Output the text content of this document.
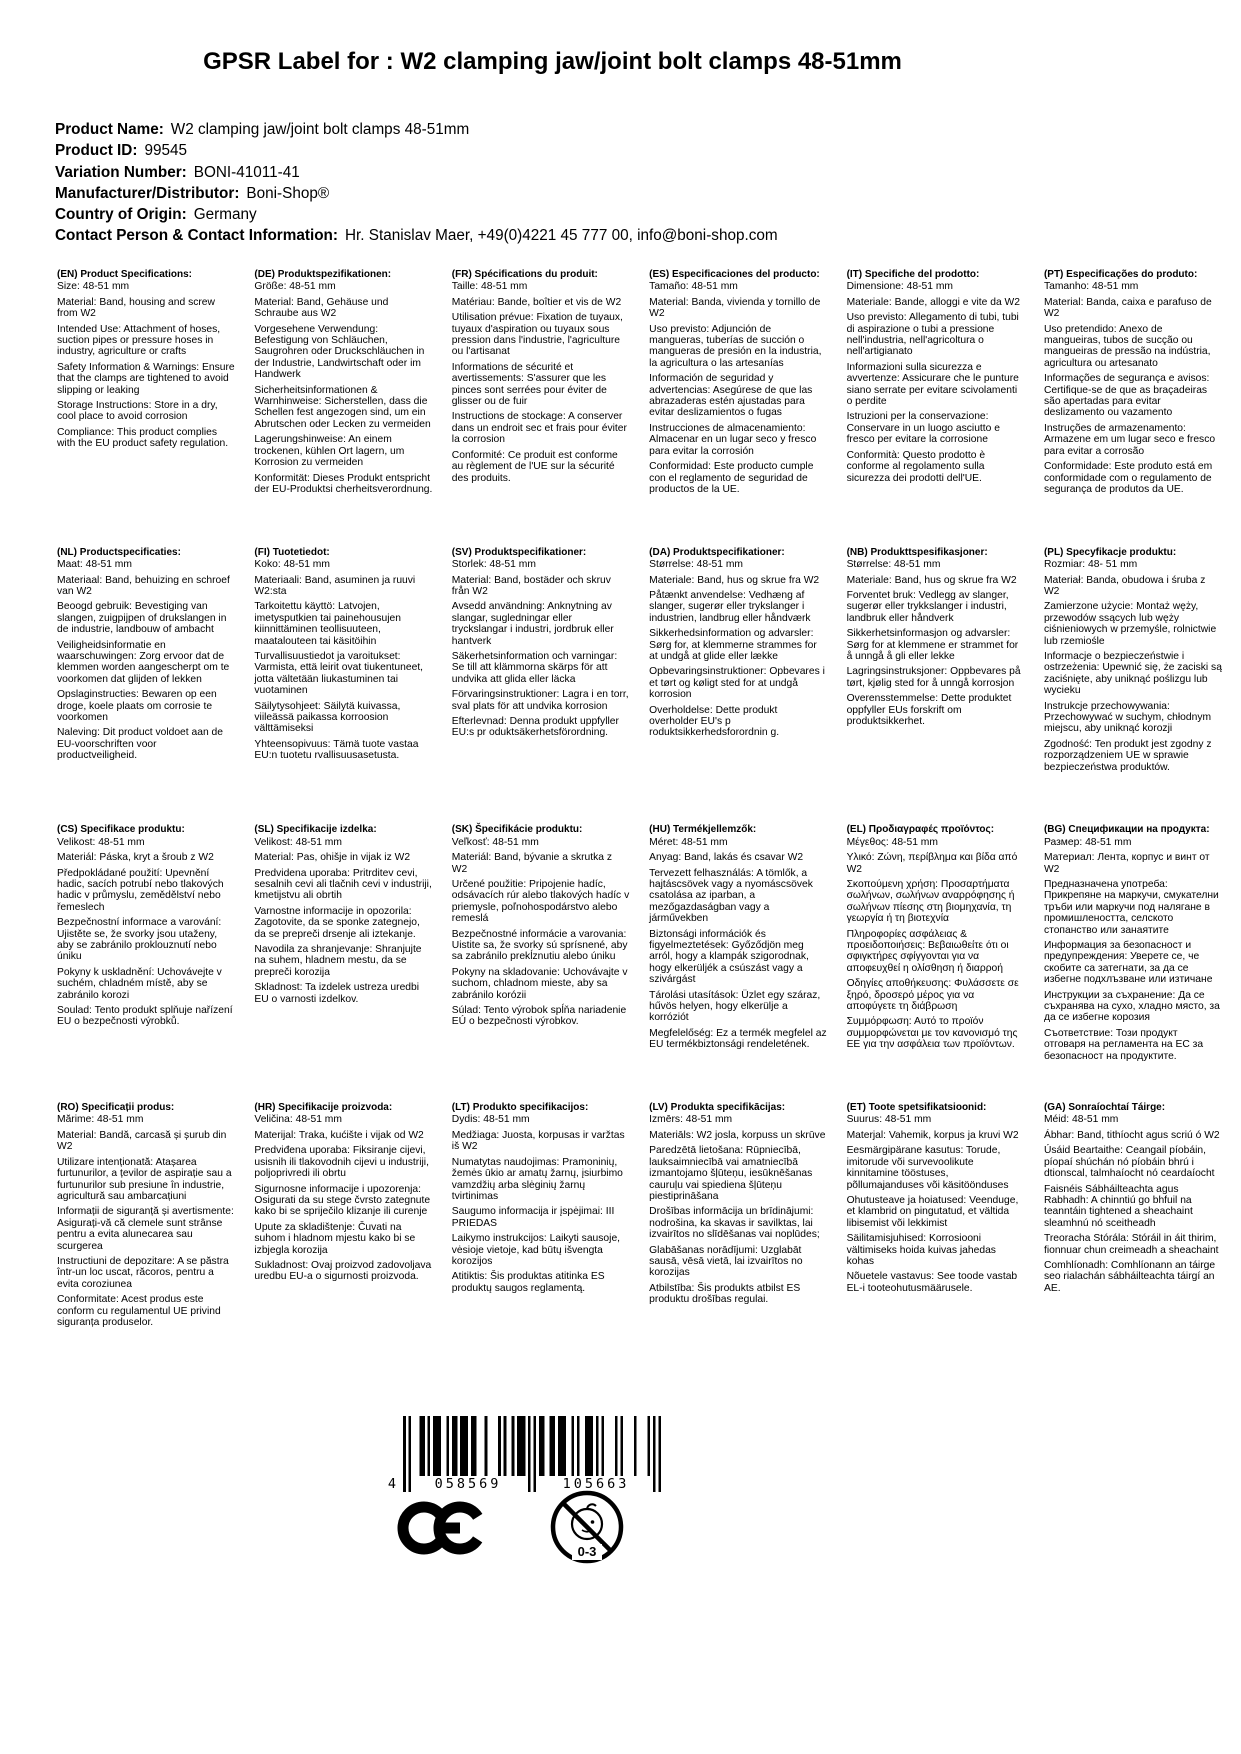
GPSR Label for : W2 clamping jaw/joint bolt clamps 48-51mm
Product Name: W2 clamping jaw/joint bolt clamps 48-51mm
Product ID: 99545
Variation Number: BONI-41011-41
Manufacturer/Distributor: Boni-Shop®
Country of Origin: Germany
Contact Person & Contact Information: Hr. Stanislav Maer, +49(0)4221 45 777 00, info@boni-shop.com
(EN) Product Specifications:

Size: 48-51 mm

Material: Band, housing and screw from W2

Intended Use: Attachment of hoses, suction pipes or pressure hoses in industry, agriculture or crafts

Safety Information & Warnings: Ensure that the clamps are tightened to avoid slipping or leaking

Storage Instructions: Store in a dry, cool place to avoid corrosion

Compliance: This product complies with the EU product safety regulation.

(DE) Produktspezifikationen:

Größe: 48-51 mm

Material: Band, Gehäuse und Schraube aus W2

Vorgesehene Verwendung: Befestigung von Schläuchen, Saugrohren oder Druckschläuchen in der Industrie, Landwirtschaft oder im Handwerk

Sicherheitsinformationen & Warnhinweise: Sicherstellen, dass die Schellen fest angezogen sind, um ein Abrutschen oder Lecken zu vermeiden

Lagerungshinweise: An einem trockenen, kühlen Ort lagern, um Korrosion zu vermeiden

Konformität: Dieses Produkt entspricht der EU-Produktsi cherheitsverordnung.

(FR) Spécifications du produit:

Taille: 48-51 mm

Matériau: Bande, boîtier et vis de W2

Utilisation prévue: Fixation de tuyaux, tuyaux d'aspiration ou tuyaux sous pression dans l'industrie, l'agriculture ou l'artisanat

Informations de sécurité et avertissements: S'assurer que les pinces sont serrées pour éviter de glisser ou de fuir

Instructions de stockage: A conserver dans un endroit sec et frais pour éviter la corrosion

Conformité: Ce produit est conforme au règlement de l'UE sur la sécurité des produits.

(ES) Especificaciones del producto:

Tamaño: 48-51 mm

Material: Banda, vivienda y tornillo de W2

Uso previsto: Adjunción de mangueras, tuberías de succión o mangueras de presión en la industria, la agricultura o las artesanías

Información de seguridad y advertencias: Asegúrese de que las abrazaderas estén ajustadas para evitar deslizamientos o fugas

Instrucciones de almacenamiento: Almacenar en un lugar seco y fresco para evitar la corrosión

Conformidad: Este producto cumple con el reglamento de seguridad de productos de la UE.

(IT) Specifiche del prodotto:

Dimensione: 48-51 mm

Materiale: Bande, alloggi e vite da W2

Uso previsto: Allegamento di tubi, tubi di aspirazione o tubi a pressione nell'industria, nell'agricoltura o nell'artigianato

Informazioni sulla sicurezza e avvertenze: Assicurare che le punture siano serrate per evitare scivolamenti o perdite

Istruzioni per la conservazione: Conservare in un luogo asciutto e fresco per evitare la corrosione

Conformità: Questo prodotto è conforme al regolamento sulla sicurezza dei prodotti dell'UE.

(PT) Especificações do produto:

Tamanho: 48-51 mm

Material: Banda, caixa e parafuso de W2

Uso pretendido: Anexo de mangueiras, tubos de sucção ou mangueiras de pressão na indústria, agricultura ou artesanato

Informações de segurança e avisos: Certifique-se de que as braçadeiras são apertadas para evitar deslizamento ou vazamento

Instruções de armazenamento: Armazene em um lugar seco e fresco para evitar a corrosão

Conformidade: Este produto está em conformidade com o regulamento de segurança de produtos da UE.

(NL) Productspecificaties:

Maat: 48-51 mm

Materiaal: Band, behuizing en schroef van W2

Beoogd gebruik: Bevestiging van slangen, zuigpijpen of drukslangen in de industrie, landbouw of ambacht

Veiligheidsinformatie en waarschuwingen: Zorg ervoor dat de klemmen worden aangescherpt om te voorkomen dat glijden of lekken

Opslaginstructies: Bewaren op een droge, koele plaats om corrosie te voorkomen

Naleving: Dit product voldoet aan de EU-voorschriften voor productveiligheid.

(FI) Tuotetiedot:

Koko: 48-51 mm

Materiaali: Band, asuminen ja ruuvi W2:sta

Tarkoitettu käyttö: Latvojen, imetysputkien tai painehousujen kiinnittäminen teollisuuteen, maatalouteen tai käsitöihin

Turvallisuustiedot ja varoitukset: Varmista, että leirit ovat tiukentuneet, jotta vältetään liukastuminen tai vuotaminen

Säilytysohjeet: Säilytä kuivassa, viileässä paikassa korroosion välttämiseksi

Yhteensopivuus: Tämä tuote vastaa EU:n tuotetu rvallisuusasetusta.

(SV) Produktspecifikationer:

Storlek: 48-51 mm

Material: Band, bostäder och skruv från W2

Avsedd användning: Anknytning av slangar, sugledningar eller tryckslangar i industri, jordbruk eller hantverk

Säkerhetsinformation och varningar: Se till att klämmorna skärps för att undvika att glida eller läcka

Förvaringsinstruktioner: Lagra i en torr, sval plats för att undvika korrosion

Efterlevnad: Denna produkt uppfyller EU:s pr oduktsäkerhetsförordning.

(DA) Produktspecifikationer:

Størrelse: 48-51 mm

Materiale: Band, hus og skrue fra W2

Påtænkt anvendelse: Vedhæng af slanger, sugerør eller trykslanger i industrien, landbrug eller håndværk

Sikkerhedsinformation og advarsler: Sørg for, at klemmerne strammes for at undgå at glide eller lække

Opbevaringsinstruktioner: Opbevares i et tørt og køligt sted for at undgå korrosion

Overholdelse: Dette produkt overholder EU's p roduktsikkerhedsforordnin g.

(NB) Produkttspesifikasjoner:

Størrelse: 48-51 mm

Materiale: Band, hus og skrue fra W2

Forventet bruk: Vedlegg av slanger, sugerør eller trykkslanger i industri, landbruk eller håndverk

Sikkerhetsinformasjon og advarsler: Sørg for at klemmene er strammet for å unngå å gli eller lekke

Lagringsinstruksjoner: Oppbevares på tørt, kjølig sted for å unngå korrosjon

Overensstemmelse: Dette produktet oppfyller EUs forskrift om produktsikkerhet.

(PL) Specyfikacje produktu:

Rozmiar: 48- 51 mm

Materiał: Banda, obudowa i śruba z W2

Zamierzone użycie: Montaż węży, przewodów ssących lub węży ciśnieniowych w przemyśle, rolnictwie lub rzemiośle

Informacje o bezpieczeństwie i ostrzeżenia: Upewnić się, że zaciski są zaciśnięte, aby uniknąć poślizgu lub wycieku

Instrukcje przechowywania: Przechowywać w suchym, chłodnym miejscu, aby uniknąć korozji

Zgodność: Ten produkt jest zgodny z rozporządzeniem UE w sprawie bezpieczeństwa produktów.

(CS) Specifikace produktu:

Velikost: 48-51 mm

Materiál: Páska, kryt a šroub z W2

Předpokládané použití: Upevnění hadic, sacích potrubí nebo tlakových hadic v průmyslu, zemědělství nebo řemeslech

Bezpečnostní informace a varování: Ujistěte se, že svorky jsou utaženy, aby se zabránilo proklouznutí nebo úniku

Pokyny k uskladnění: Uchovávejte v suchém, chladném místě, aby se zabránilo korozi

Soulad: Tento produkt splňuje nařízení EU o bezpečnosti výrobků.

(SL) Specifikacije izdelka:

Velikost: 48-51 mm

Material: Pas, ohišje in vijak iz W2

Predvidena uporaba: Pritrditev cevi, sesalnih cevi ali tlačnih cevi v industriji, kmetijstvu ali obrtih

Varnostne informacije in opozorila: Zagotovite, da se sponke zategnejo, da se prepreči drsenje ali iztekanje.

Navodila za shranjevanje: Shranjujte na suhem, hladnem mestu, da se prepreči korozija

Skladnost: Ta izdelek ustreza uredbi EU o varnosti izdelkov.

(SK) Špecifikácie produktu:

Veľkosť: 48-51 mm

Materiál: Band, bývanie a skrutka z W2

Určené použitie: Pripojenie hadíc, odsávacích rúr alebo tlakových hadíc v priemysle, poľnohospodárstvo alebo remeslá

Bezpečnostné informácie a varovania: Uistite sa, že svorky sú sprísnené, aby sa zabránilo prekĺznutiu alebo úniku

Pokyny na skladovanie: Uchovávajte v suchom, chladnom mieste, aby sa zabránilo korózii

Súlad: Tento výrobok spĺňa nariadenie EÚ o bezpečnosti výrobkov.

(HU) Termékjellemzők:

Méret: 48-51 mm

Anyag: Band, lakás és csavar W2

Tervezett felhasználás: A tömlők, a hajtáscsövek vagy a nyomáscsövek csatolása az iparban, a mezőgazdaságban vagy a járművekben

Biztonsági információk és figyelmeztetések: Győződjön meg arról, hogy a klampák szigorodnak, hogy elkerüljék a csúszást vagy a szivárgást

Tárolási utasítások: Üzlet egy száraz, hűvös helyen, hogy elkerülje a korróziót

Megfelelőség: Ez a termék megfelel az EU termékbiztonsági rendeletének.

(EL) Προδιαγραφές προϊόντος:

Μέγεθος: 48-51 mm

Υλικό: Ζώνη, περίβλημα και βίδα από W2

Σκοπούμενη χρήση: Προσαρτήματα σωλήνων, σωλήνων αναρρόφησης ή σωλήνων πίεσης στη βιομηχανία, τη γεωργία ή τη βιοτεχνία

Πληροφορίες ασφάλειας & προειδοποιήσεις: Βεβαιωθείτε ότι οι σφιγκτήρες σφίγγονται για να αποφευχθεί η ολίσθηση ή διαρροή

Οδηγίες αποθήκευσης: Φυλάσσετε σε ξηρό, δροσερό μέρος για να αποφύγετε τη διάβρωση

Συμμόρφωση: Αυτό το προϊόν συμμορφώνεται με τον κανονισμό της ΕΕ για την ασφάλεια των προϊόντων.

(BG) Спецификации на продукта:

Размер: 48-51 mm

Материал: Лента, корпус и винт от W2

Предназначена употреба: Прикрепяне на маркучи, смукателни тръби или маркучи под налягане в промишлеността, селското стопанство или занаятите

Информация за безопасност и предупреждения: Уверете се, че скобите са затегнати, за да се избегне подхлъзване или изтичане

Инструкции за съхранение: Да се съхранява на сухо, хладно място, за да се избегне корозия

Съответствие: Този продукт отговаря на регламента на ЕС за безопасност на продуктите.

(RO) Specificații produs:

Mărime: 48-51 mm

Material: Bandă, carcasă și șurub din W2

Utilizare intenționată: Atașarea furtunurilor, a țevilor de aspirație sau a furtunurilor sub presiune în industrie, agricultură sau ambarcațiuni

Informații de siguranță și avertismente: Asigurați-vă că clemele sunt strânse pentru a evita alunecarea sau scurgerea

Instructiuni de depozitare: A se păstra într-un loc uscat, răcoros, pentru a evita coroziunea

Conformitate: Acest produs este conform cu regulamentul UE privind siguranța produselor.

(HR) Specifikacije proizvoda:

Veličina: 48-51 mm

Materijal: Traka, kućište i vijak od W2

Predviđena uporaba: Fiksiranje cijevi, usisnih ili tlakovodnih cijevi u industriji, poljoprivredi ili obrtu

Sigurnosne informacije i upozorenja: Osigurati da su stege čvrsto zategnute kako bi se spriječilo klizanje ili curenje

Upute za skladištenje: Čuvati na suhom i hladnom mjestu kako bi se izbjegla korozija

Sukladnost: Ovaj proizvod zadovoljava uredbu EU-a o sigurnosti proizvoda.

(LT) Produkto specifikacijos:

Dydis: 48-51 mm

Medžiaga: Juosta, korpusas ir varžtas iš W2

Numatytas naudojimas: Pramoninių, žemės ūkio ar amatų žarnų, įsiurbimo vamzdžių arba slėginių žarnų tvirtinimas

Saugumo informacija ir įspėjimai: III PRIEDAS

Laikymo instrukcijos: Laikyti sausoje, vėsioje vietoje, kad būtų išvengta korozijos

Atitiktis: Šis produktas atitinka ES produktų saugos reglamentą.

(LV) Produkta specifikācijas:

Izmērs: 48-51 mm

Materiāls: W2 josla, korpuss un skrūve

Paredzētā lietošana: Rūpniecībā, lauksaimniecībā vai amatniecībā izmantojamo šļūteņu, iesūknēšanas cauruļu vai spiediena šļūteņu piestiprināšana

Drošības informācija un brīdinājumi: nodrošina, ka skavas ir savilktas, lai izvairītos no slīdēšanas vai noplūdes;

Glabāšanas norādījumi: Uzglabāt sausā, vēsā vietā, lai izvairītos no korozijas

Atbilstība: Šis produkts atbilst ES produktu drošības regulai.

(ET) Toote spetsifikatsioonid:

Suurus: 48-51 mm

Materjal: Vahemik, korpus ja kruvi W2

Eesmärgipärane kasutus: Torude, imitorude või survevoolikute kinnitamine tööstuses, põllumajanduses või käsitöönduses

Ohutusteave ja hoiatused: Veenduge, et klambrid on pingutatud, et vältida libisemist või lekkimist

Säilitamisjuhised: Korrosiooni vältimiseks hoida kuivas jahedas kohas

Nõuetele vastavus: See toode vastab EL-i tooteohutusmäärusele.

(GA) Sonraíochtaí Táirge:

Méid: 48-51 mm

Ábhar: Band, tithíocht agus scriú ó W2

Úsáid Beartaithe: Ceangail píobáin, píopaí shúchán nó píobáin bhrú i dtionscal, talmhaíocht nó ceardaíocht

Faisnéis Sábháilteachta agus Rabhadh: A chinntiú go bhfuil na teanntáin tightened a sheachaint sleamhnú nó sceitheadh

Treoracha Stórála: Stóráil in áit thirim, fionnuar chun creimeadh a sheachaint

Comhlíonadh: Comhlíonann an táirge seo rialachán sábháilteachta táirgí an AE.

4	058569	105663
0-3
